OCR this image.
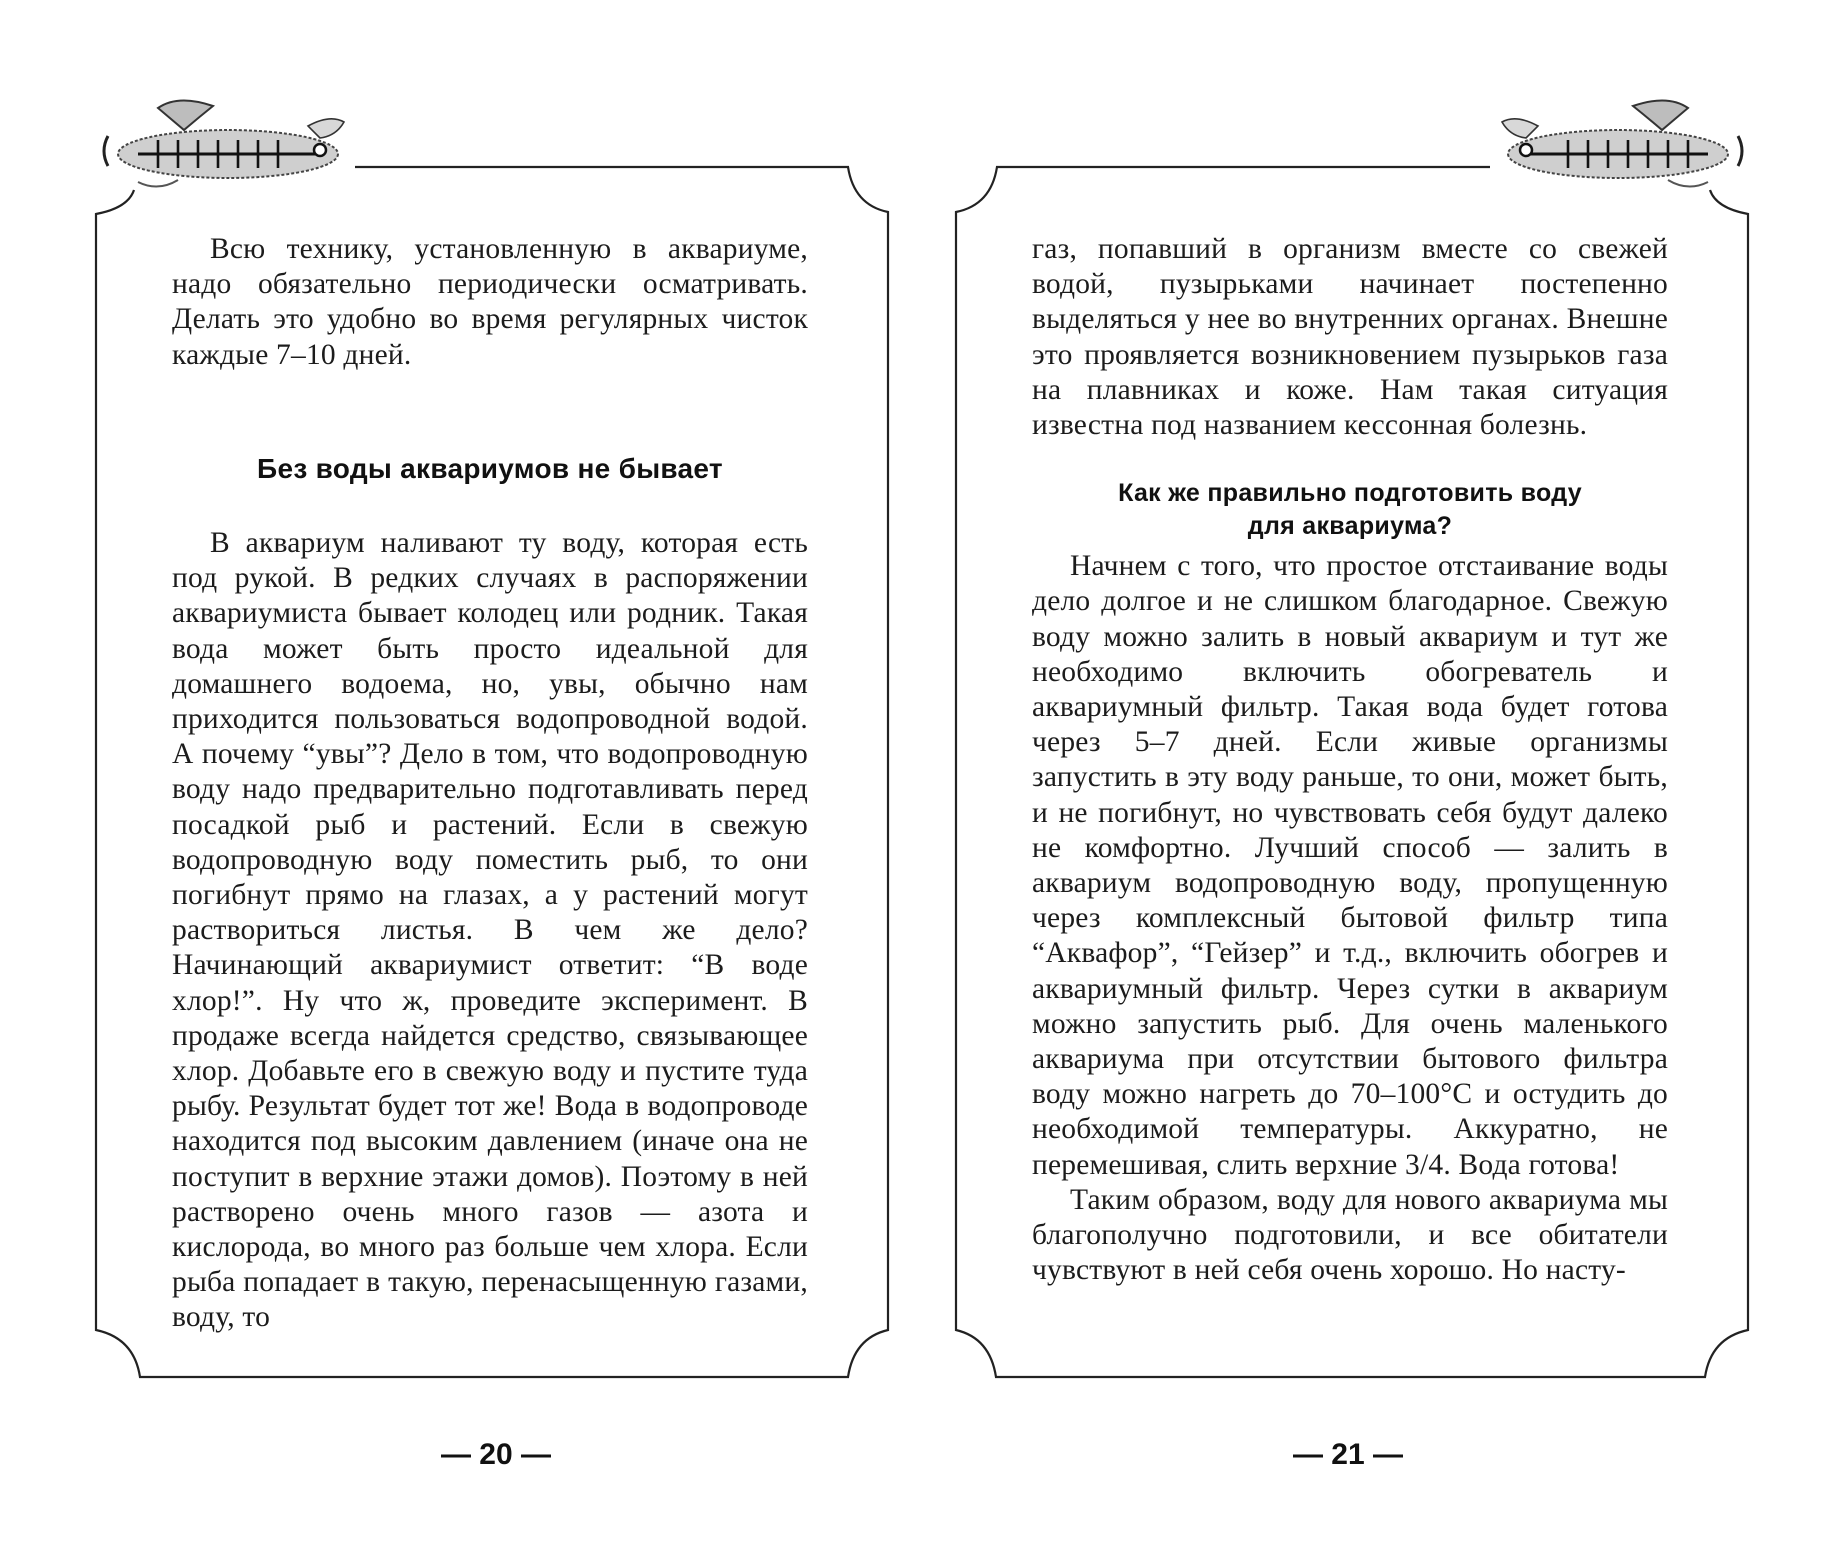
Всю технику, установленную в аквариуме, надо обязательно периодически осматривать. Делать это удобно во время регулярных чисток каждые 7–10 дней.

Без воды аквариумов не бывает

В аквариум наливают ту воду, которая есть под рукой. В редких случаях в распоряжении аквариумиста бывает колодец или родник. Такая вода может быть просто идеальной для домашнего водоема, но, увы, обычно нам приходится пользоваться водопроводной водой. А почему “увы”? Дело в том, что водопроводную воду надо предварительно подготавливать перед посадкой рыб и растений. Если в свежую водопроводную воду поместить рыб, то они погибнут прямо на глазах, а у растений могут раствориться листья. В чем же дело? Начинающий аквариумист ответит: “В воде хлор!”. Ну что ж, проведите эксперимент. В продаже всегда найдется средство, связывающее хлор. Добавьте его в свежую воду и пустите туда рыбу. Результат будет тот же! Вода в водопроводе находится под высоким давлением (иначе она не поступит в верхние этажи домов). Поэтому в ней растворено очень много газов — азота и кислорода, во много раз больше чем хлора. Если рыба попадает в такую, перенасыщенную газами, воду, то

газ, попавший в организм вместе со свежей водой, пузырьками начинает постепенно выделяться у нее во внутренних органах. Внешне это проявляется возникновением пузырьков газа на плавниках и коже. Нам такая ситуация известна под названием кессонная болезнь.

Как же правильно подготовить воду
для аквариума?

Начнем с того, что простое отстаивание воды дело долгое и не слишком благодарное. Свежую воду можно залить в новый аквариум и тут же необходимо включить обогреватель и аквариумный фильтр. Такая вода будет готова через 5–7 дней. Если живые организмы запустить в эту воду раньше, то они, может быть, и не погибнут, но чувствовать себя будут далеко не комфортно. Лучший способ — залить в аквариум водопроводную воду, пропущенную через комплексный бытовой фильтр типа “Аквафор”, “Гейзер” и т.д., включить обогрев и аквариумный фильтр. Через сутки в аквариум можно запустить рыб. Для очень маленького аквариума при отсутствии бытового фильтра воду можно нагреть до 70–100°С и остудить до необходимой температуры. Аккуратно, не перемешивая, слить верхние 3/4. Вода готова!

Таким образом, воду для нового аквариума мы благополучно подготовили, и все обитатели чувствуют в ней себя очень хорошо. Но насту-

— 20 —	— 21 —
